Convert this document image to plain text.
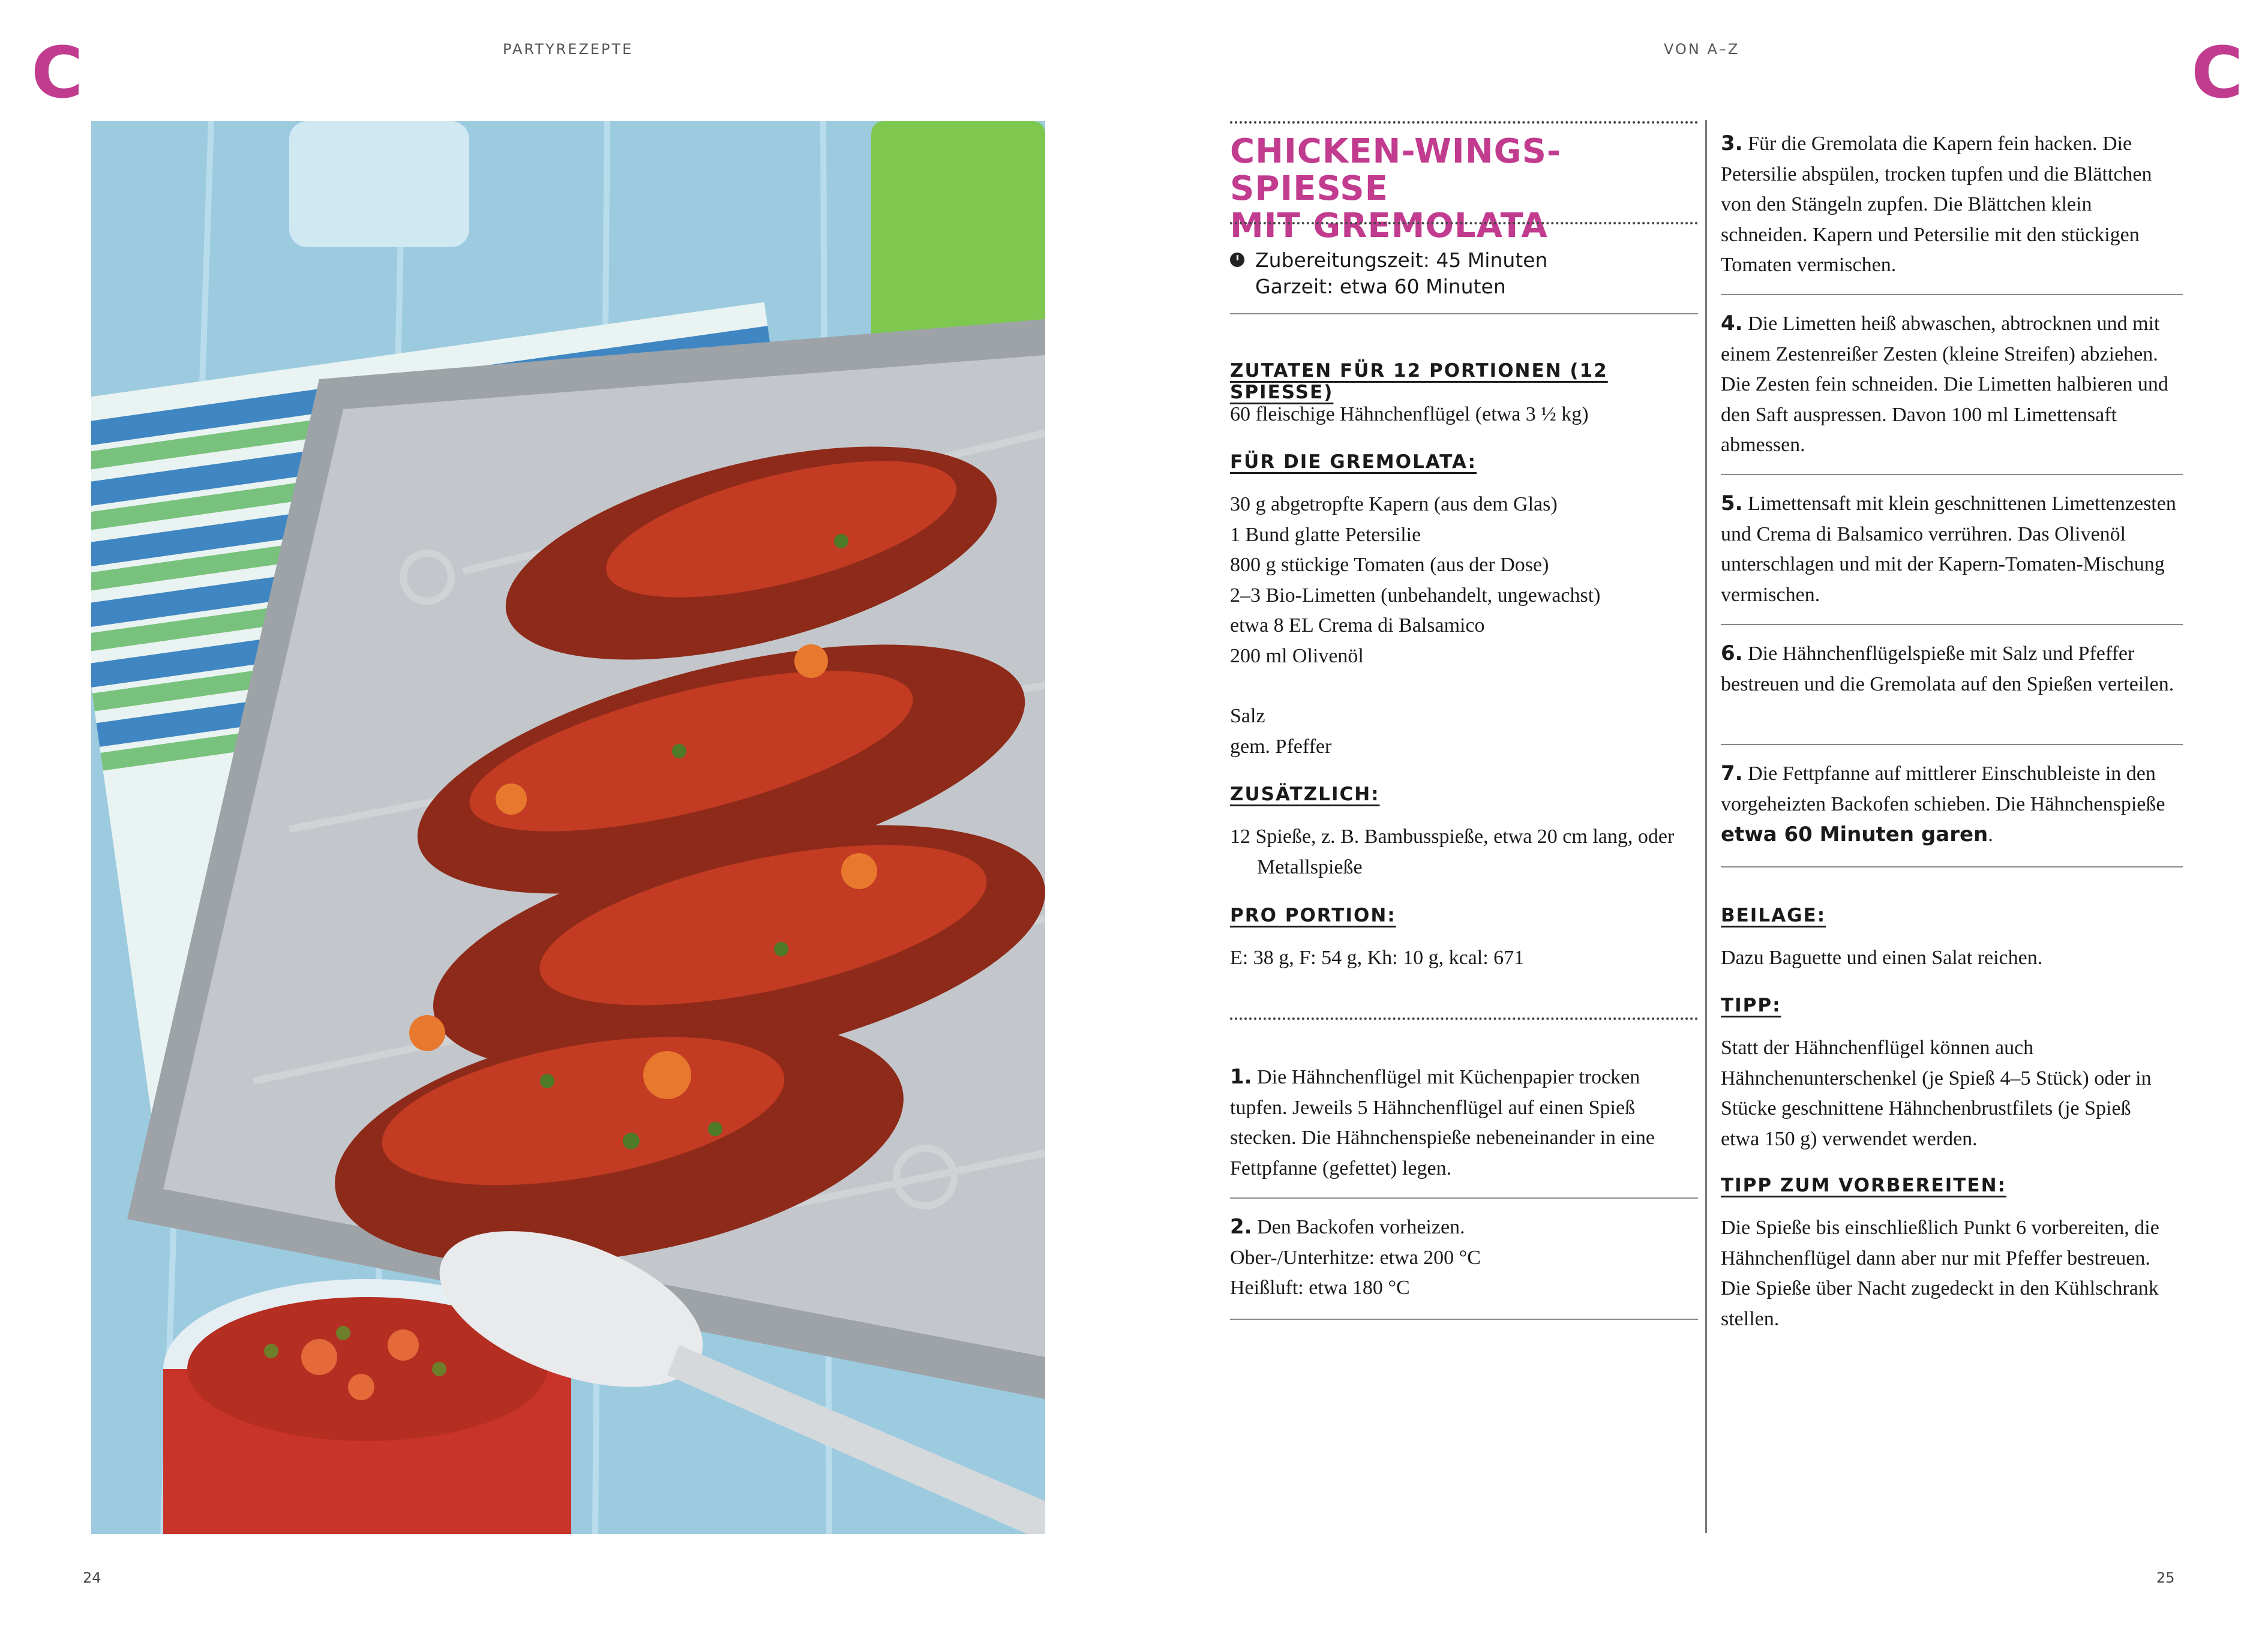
C	C
PARTYREZEPTE	VON A–Z
CHICKEN-WINGS-SPIESSE
MIT GREMOLATA
Zubereitungszeit: 45 Minuten
Garzeit: etwa 60 Minuten
ZUTATEN FÜR 12 PORTIONEN (12 SPIESSE)
60 fleischige Hähnchenflügel (etwa 3 ½ kg)
FÜR DIE GREMOLATA:
30 g abgetropfte Kapern (aus dem Glas)
1 Bund glatte Petersilie
800 g stückige Tomaten (aus der Dose)
2–3 Bio-Limetten (unbehandelt, ungewachst)
etwa 8 EL Crema di Balsamico
200 ml Olivenöl
Salz
gem. Pfeffer
ZUSÄTZLICH:
12 Spieße, z. B. Bambusspieße, etwa 20 cm lang, oder Metallspieße
PRO PORTION:
E: 38 g, F: 54 g, Kh: 10 g, kcal: 671
1. Die Hähnchenflügel mit Küchenpapier trocken tupfen. Jeweils 5 Hähnchenflügel auf einen Spieß stecken. Die Hähnchenspieße nebeneinander in eine Fettpfanne (gefettet) legen.
2. Den Backofen vorheizen.
Ober-/Unterhitze: etwa 200 °C
Heißluft: etwa 180 °C
3. Für die Gremolata die Kapern fein hacken. Die Petersilie abspülen, trocken tupfen und die Blättchen von den Stängeln zupfen. Die Blättchen klein schneiden. Kapern und Petersilie mit den stückigen Tomaten vermischen.
4. Die Limetten heiß abwaschen, abtrocknen und mit einem Zestenreißer Zesten (kleine Streifen) abziehen. Die Zesten fein schneiden. Die Limetten halbieren und den Saft auspressen. Davon 100 ml Limettensaft abmessen.
5. Limettensaft mit klein geschnittenen Limettenzesten und Crema di Balsamico verrühren. Das Olivenöl unterschlagen und mit der Kapern-Tomaten-Mischung vermischen.
6. Die Hähnchenflügelspieße mit Salz und Pfeffer bestreuen und die Gremolata auf den Spießen verteilen.
7. Die Fettpfanne auf mittlerer Einschubleiste in den vorgeheizten Backofen schieben. Die Hähnchenspieße etwa 60 Minuten garen.
BEILAGE:
Dazu Baguette und einen Salat reichen.
TIPP:
Statt der Hähnchenflügel können auch Hähnchenunterschenkel (je Spieß 4–5 Stück) oder in Stücke geschnittene Hähnchenbrustfilets (je Spieß etwa 150 g) verwendet werden.
TIPP ZUM VORBEREITEN:
Die Spieße bis einschließlich Punkt 6 vorbereiten, die Hähnchenflügel dann aber nur mit Pfeffer bestreuen. Die Spieße über Nacht zugedeckt in den Kühlschrank stellen.
24	25
